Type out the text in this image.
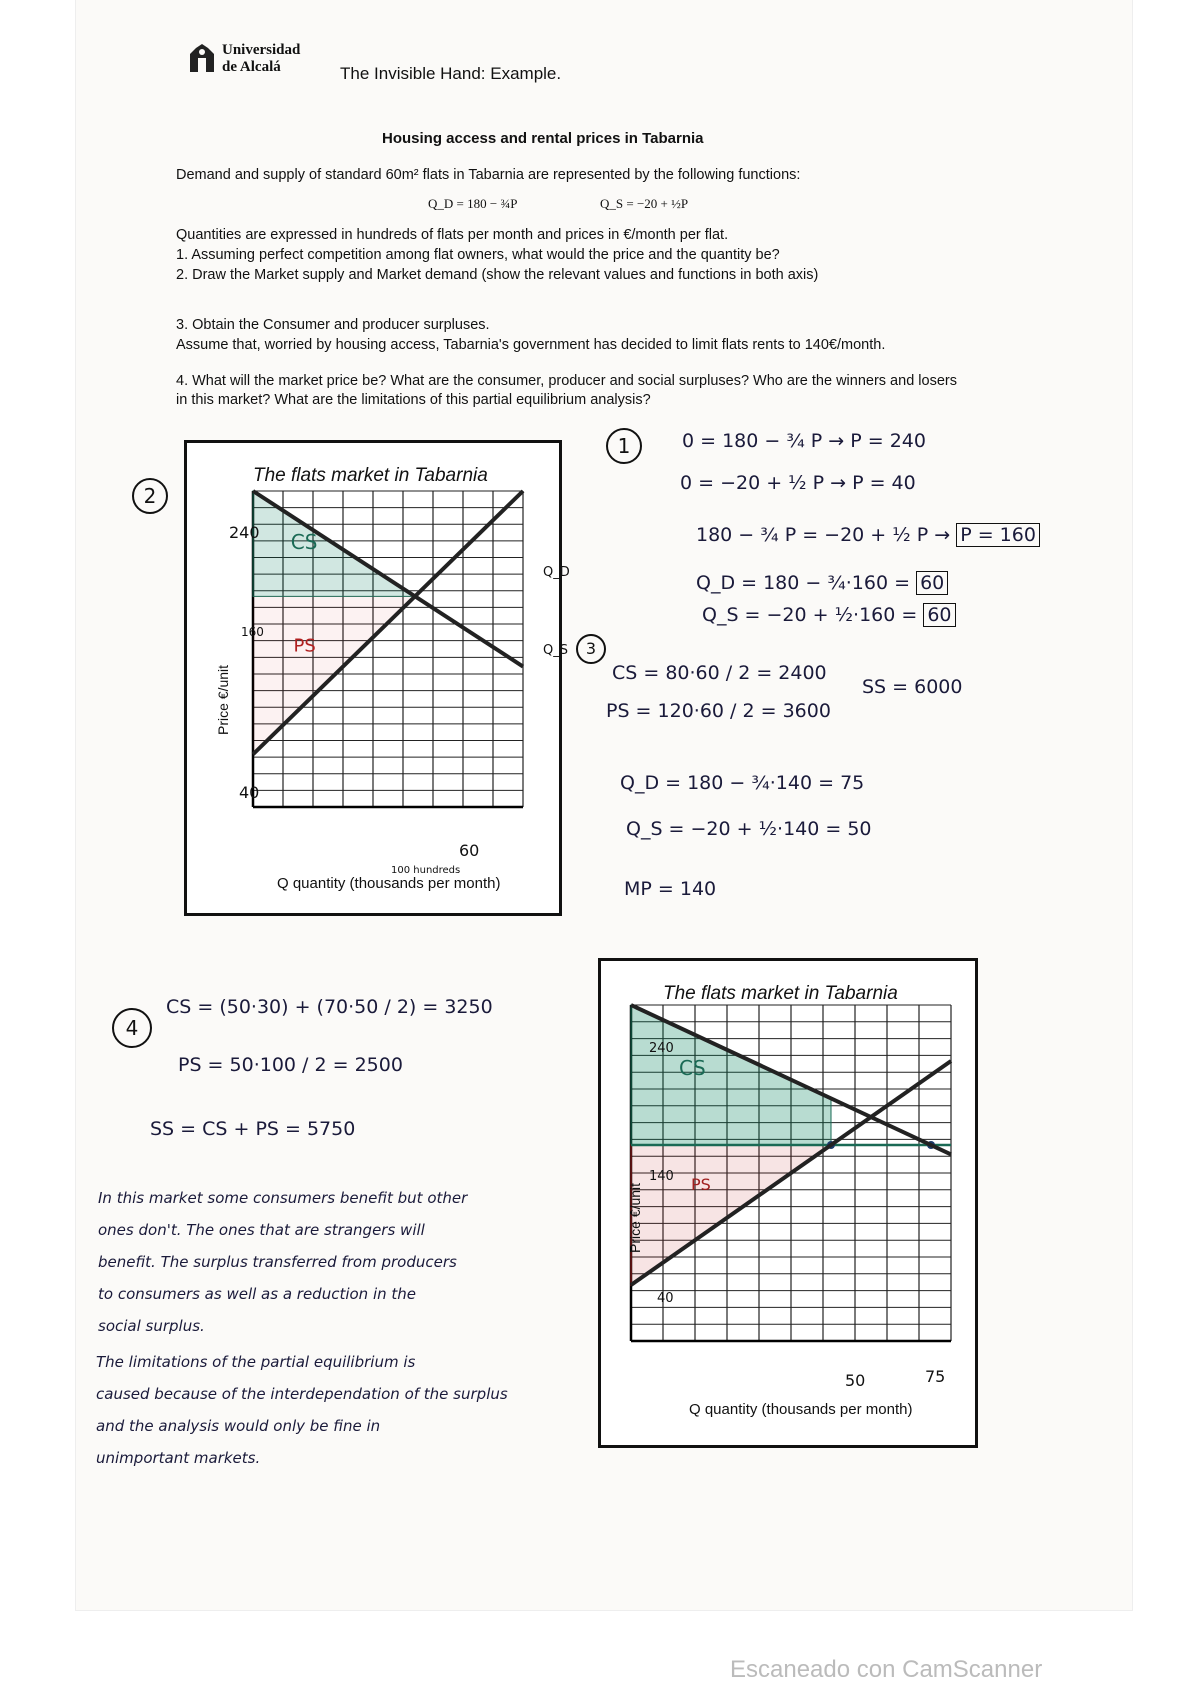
Universidad
de Alcalá	The Invisible Hand: Example.
Housing access and rental prices in Tabarnia
Demand and supply of standard 60m² flats in Tabarnia are represented by the following functions:
Q_D = 180 − ¾P	Q_S = −20 + ½P
Quantities are expressed in hundreds of flats per month and prices in €/month per flat.
1. Assuming perfect competition among flat owners, what would the price and the quantity be?
2. Draw the Market supply and Market demand (show the relevant values and functions in both axis)
3. Obtain the Consumer and producer surpluses.
Assume that, worried by housing access, Tabarnia's government has decided to limit flats rents to 140€/month.
4. What will the market price be? What are the consumer, producer and social surpluses? Who are the winners and losers in this market? What are the limitations of this partial equilibrium analysis?
2
The flats market in Tabarnia
CS
PS
Price €/unit
240
160
40
60
100 hundreds
Q quantity (thousands per month)
Q_D
Q_S
1	0 = 180 − ¾ P → P = 240
0 = −20 + ½ P → P = 40
180 − ¾ P = −20 + ½ P → P = 160
Q_D = 180 − ¾·160 = 60
Q_S = −20 + ½·160 = 60
3
CS = 80·60 / 2 = 2400
SS = 6000
PS = 120·60 / 2 = 3600
Q_D = 180 − ¾·140 = 75
Q_S = −20 + ½·140 = 50
MP = 140
4
CS = (50·30) + (70·50 / 2) = 3250
PS = 50·100 / 2 = 2500
SS = CS + PS = 5750
In this market some consumers benefit but other
ones don't. The ones that are strangers will
benefit. The surplus transferred from producers
to consumers as well as a reduction in the
social surplus.
The limitations of the partial equilibrium is
caused because of the interdependation of the surplus
and the analysis would only be fine in
unimportant markets.
The flats market in Tabarnia
CS
PS
Price €/unit
240
140
40
50	75
Q quantity (thousands per month)
Escaneado con CamScanner
